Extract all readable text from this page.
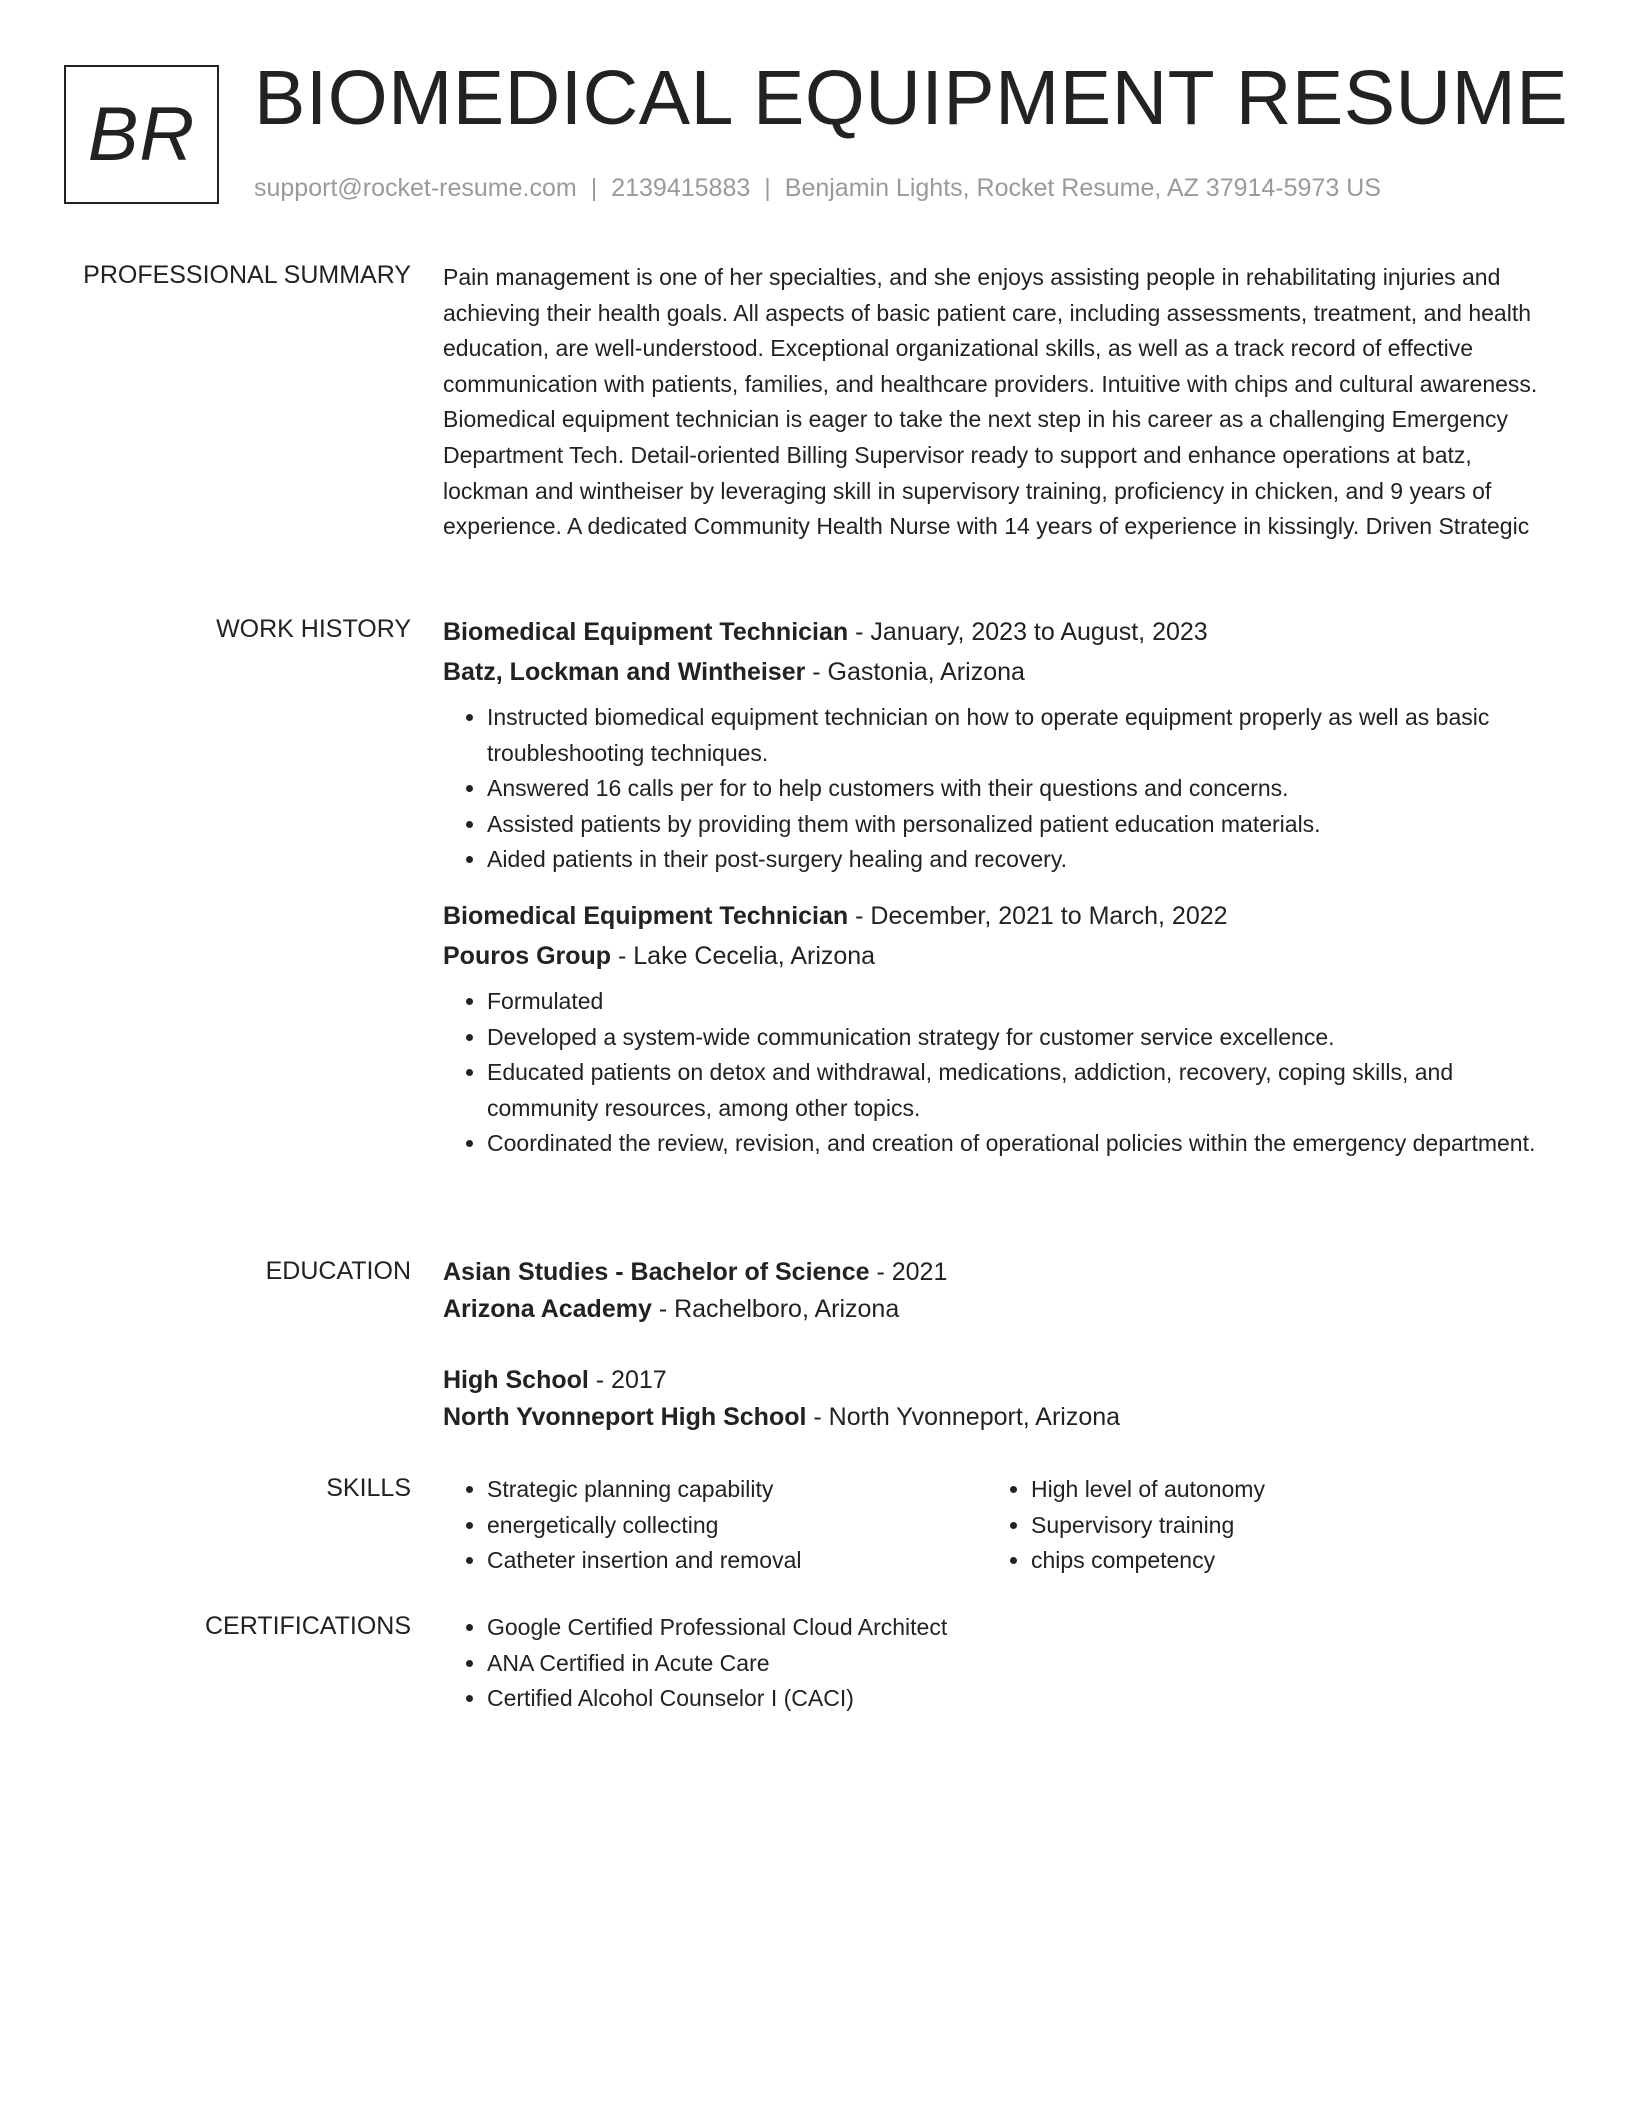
BR BIOMEDICAL EQUIPMENT RESUME
support@rocket-resume.com | 2139415883 | Benjamin Lights, Rocket Resume, AZ 37914-5973 US
PROFESSIONAL SUMMARY Pain management is one of her specialties, and she enjoys assisting people in rehabilitating injuries and achieving their health goals. All aspects of basic patient care, including assessments, treatment, and health education, are well-understood. Exceptional organizational skills, as well as a track record of effective communication with patients, families, and healthcare providers. Intuitive with chips and cultural awareness. Biomedical equipment technician is eager to take the next step in his career as a challenging Emergency Department Tech. Detail-oriented Billing Supervisor ready to support and enhance operations at batz, lockman and wintheiser by leveraging skill in supervisory training, proficiency in chicken, and 9 years of experience. A dedicated Community Health Nurse with 14 years of experience in kissingly. Driven Strategic

WORK HISTORY Biomedical Equipment Technician - January, 2023 to August, 2023
Batz, Lockman and Wintheiser - Gastonia, Arizona
• Instructed biomedical equipment technician on how to operate equipment properly as well as basic troubleshooting techniques.
• Answered 16 calls per for to help customers with their questions and concerns.
• Assisted patients by providing them with personalized patient education materials.
• Aided patients in their post-surgery healing and recovery.
Biomedical Equipment Technician - December, 2021 to March, 2022
Pouros Group - Lake Cecelia, Arizona
• Formulated
• Developed a system-wide communication strategy for customer service excellence.
• Educated patients on detox and withdrawal, medications, addiction, recovery, coping skills, and community resources, among other topics.
• Coordinated the review, revision, and creation of operational policies within the emergency department.
EDUCATION Asian Studies - Bachelor of Science - 2021
Arizona Academy - Rachelboro, Arizona
High School - 2017
North Yvonneport High School - North Yvonneport, Arizona
SKILLS	• Strategic planning capability
• energetically collecting
• Catheter insertion and removal
• High level of autonomy
• Supervisory training
• chips competency
CERTIFICATIONS	• Google Certified Professional Cloud Architect
• ANA Certified in Acute Care
• Certified Alcohol Counselor I (CACI)
